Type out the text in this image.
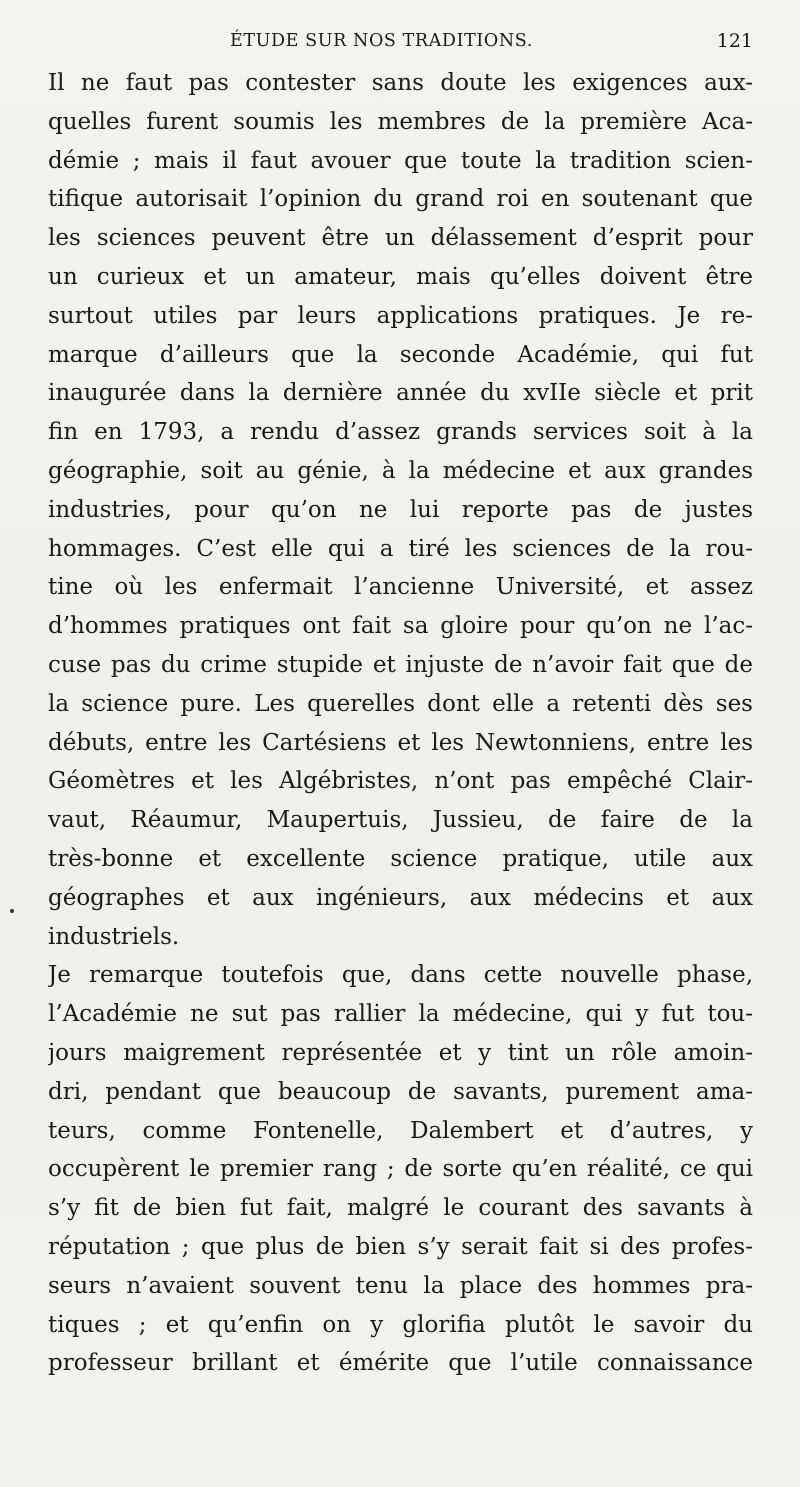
ÉTUDE SUR NOS TRADITIONS.	121
Il ne faut pas contester sans doute les exigences aux-
quelles furent soumis les membres de la première Aca-
démie ; mais il faut avouer que toute la tradition scien-
tifique autorisait l’opinion du grand roi en soutenant que
les sciences peuvent être un délassement d’esprit pour
un curieux et un amateur, mais qu’elles doivent être
surtout utiles par leurs applications pratiques. Je re-
marque d’ailleurs que la seconde Académie, qui fut
inaugurée dans la dernière année du xvIIe siècle et prit
fin en 1793, a rendu d’assez grands services soit à la
géographie, soit au génie, à la médecine et aux grandes
industries, pour qu’on ne lui reporte pas de justes
hommages. C’est elle qui a tiré les sciences de la rou-
tine où les enfermait l’ancienne Université, et assez
d’hommes pratiques ont fait sa gloire pour qu’on ne l’ac-
cuse pas du crime stupide et injuste de n’avoir fait que de
la science pure. Les querelles dont elle a retenti dès ses
débuts, entre les Cartésiens et les Newtonniens, entre les
Géomètres et les Algébristes, n’ont pas empêché Clair-
vaut, Réaumur, Maupertuis, Jussieu, de faire de la
très-bonne et excellente science pratique, utile aux
géographes et aux ingénieurs, aux médecins et aux
industriels.
Je remarque toutefois que, dans cette nouvelle phase,
l’Académie ne sut pas rallier la médecine, qui y fut tou-
jours maigrement représentée et y tint un rôle amoin-
dri, pendant que beaucoup de savants, purement ama-
teurs, comme Fontenelle, Dalembert et d’autres, y
occupèrent le premier rang ; de sorte qu’en réalité, ce qui
s’y fit de bien fut fait, malgré le courant des savants à
réputation ; que plus de bien s’y serait fait si des profes-
seurs n’avaient souvent tenu la place des hommes pra-
tiques ; et qu’enfin on y glorifia plutôt le savoir du
professeur brillant et émérite que l’utile connaissance
